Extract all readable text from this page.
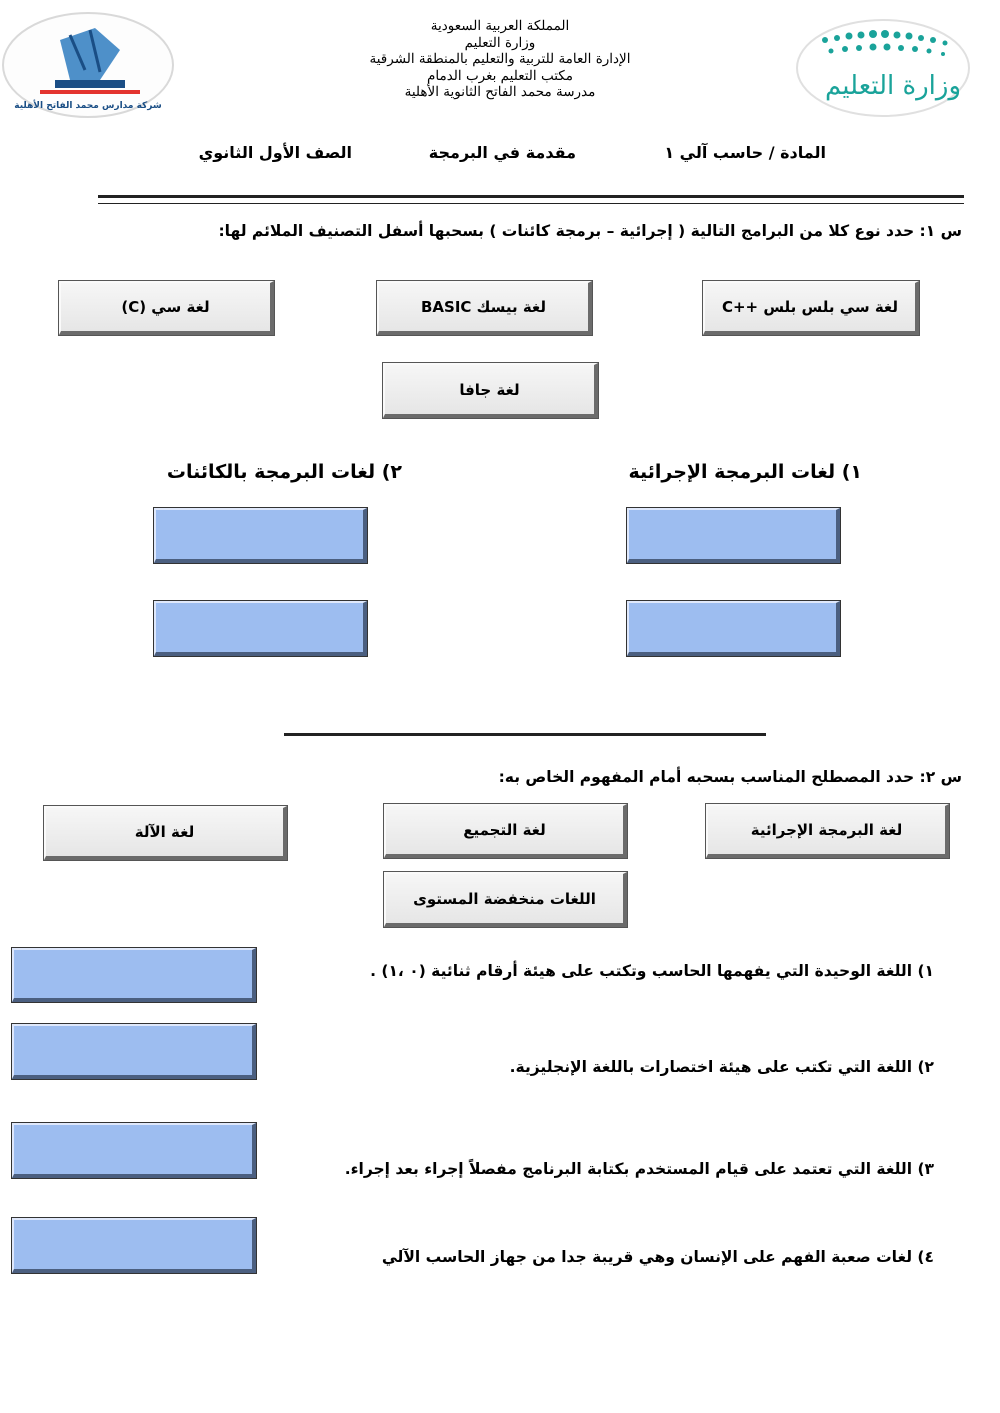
شركة مدارس محمد الفاتح الأهلية
وزارة التعليم
المملكة العربية السعودية
وزارة التعليم
الإدارة العامة للتربية والتعليم بالمنطقة الشرقية
مكتب التعليم بغرب الدمام
مدرسة محمد الفاتح الثانوية الأهلية
المادة / حاسب آلي ١
مقدمة في البرمجة
الصف الأول الثانوي
س ١: حدد نوع كلا من البرامج التالية ( إجرائية – برمجة كائنات ) بسحبها أسفل التصنيف الملائم لها:
لغة سي بلس بلس ++C
لغة بيسك BASIC
لغة سي (C)
لغة جافا
١) لغات البرمجة الإجرائية
٢) لغات البرمجة بالكائنات
س ٢: حدد المصطلح المناسب بسحبه أمام المفهوم الخاص به:
لغة البرمجة الإجرائية
لغة التجميع
لغة الآلة
اللغات منخفضة المستوى
١) اللغة الوحيدة التي يفهمها الحاسب وتكتب على هيئة أرقام ثنائية (٠ ،١) .
٢) اللغة التي تكتب على هيئة اختصارات باللغة الإنجليزية.
٣) اللغة التي تعتمد على قيام المستخدم بكتابة البرنامج مفصلاً إجراء بعد إجراء.
٤) لغات صعبة الفهم على الإنسان وهي قريبة جدا من جهاز الحاسب الآلي
